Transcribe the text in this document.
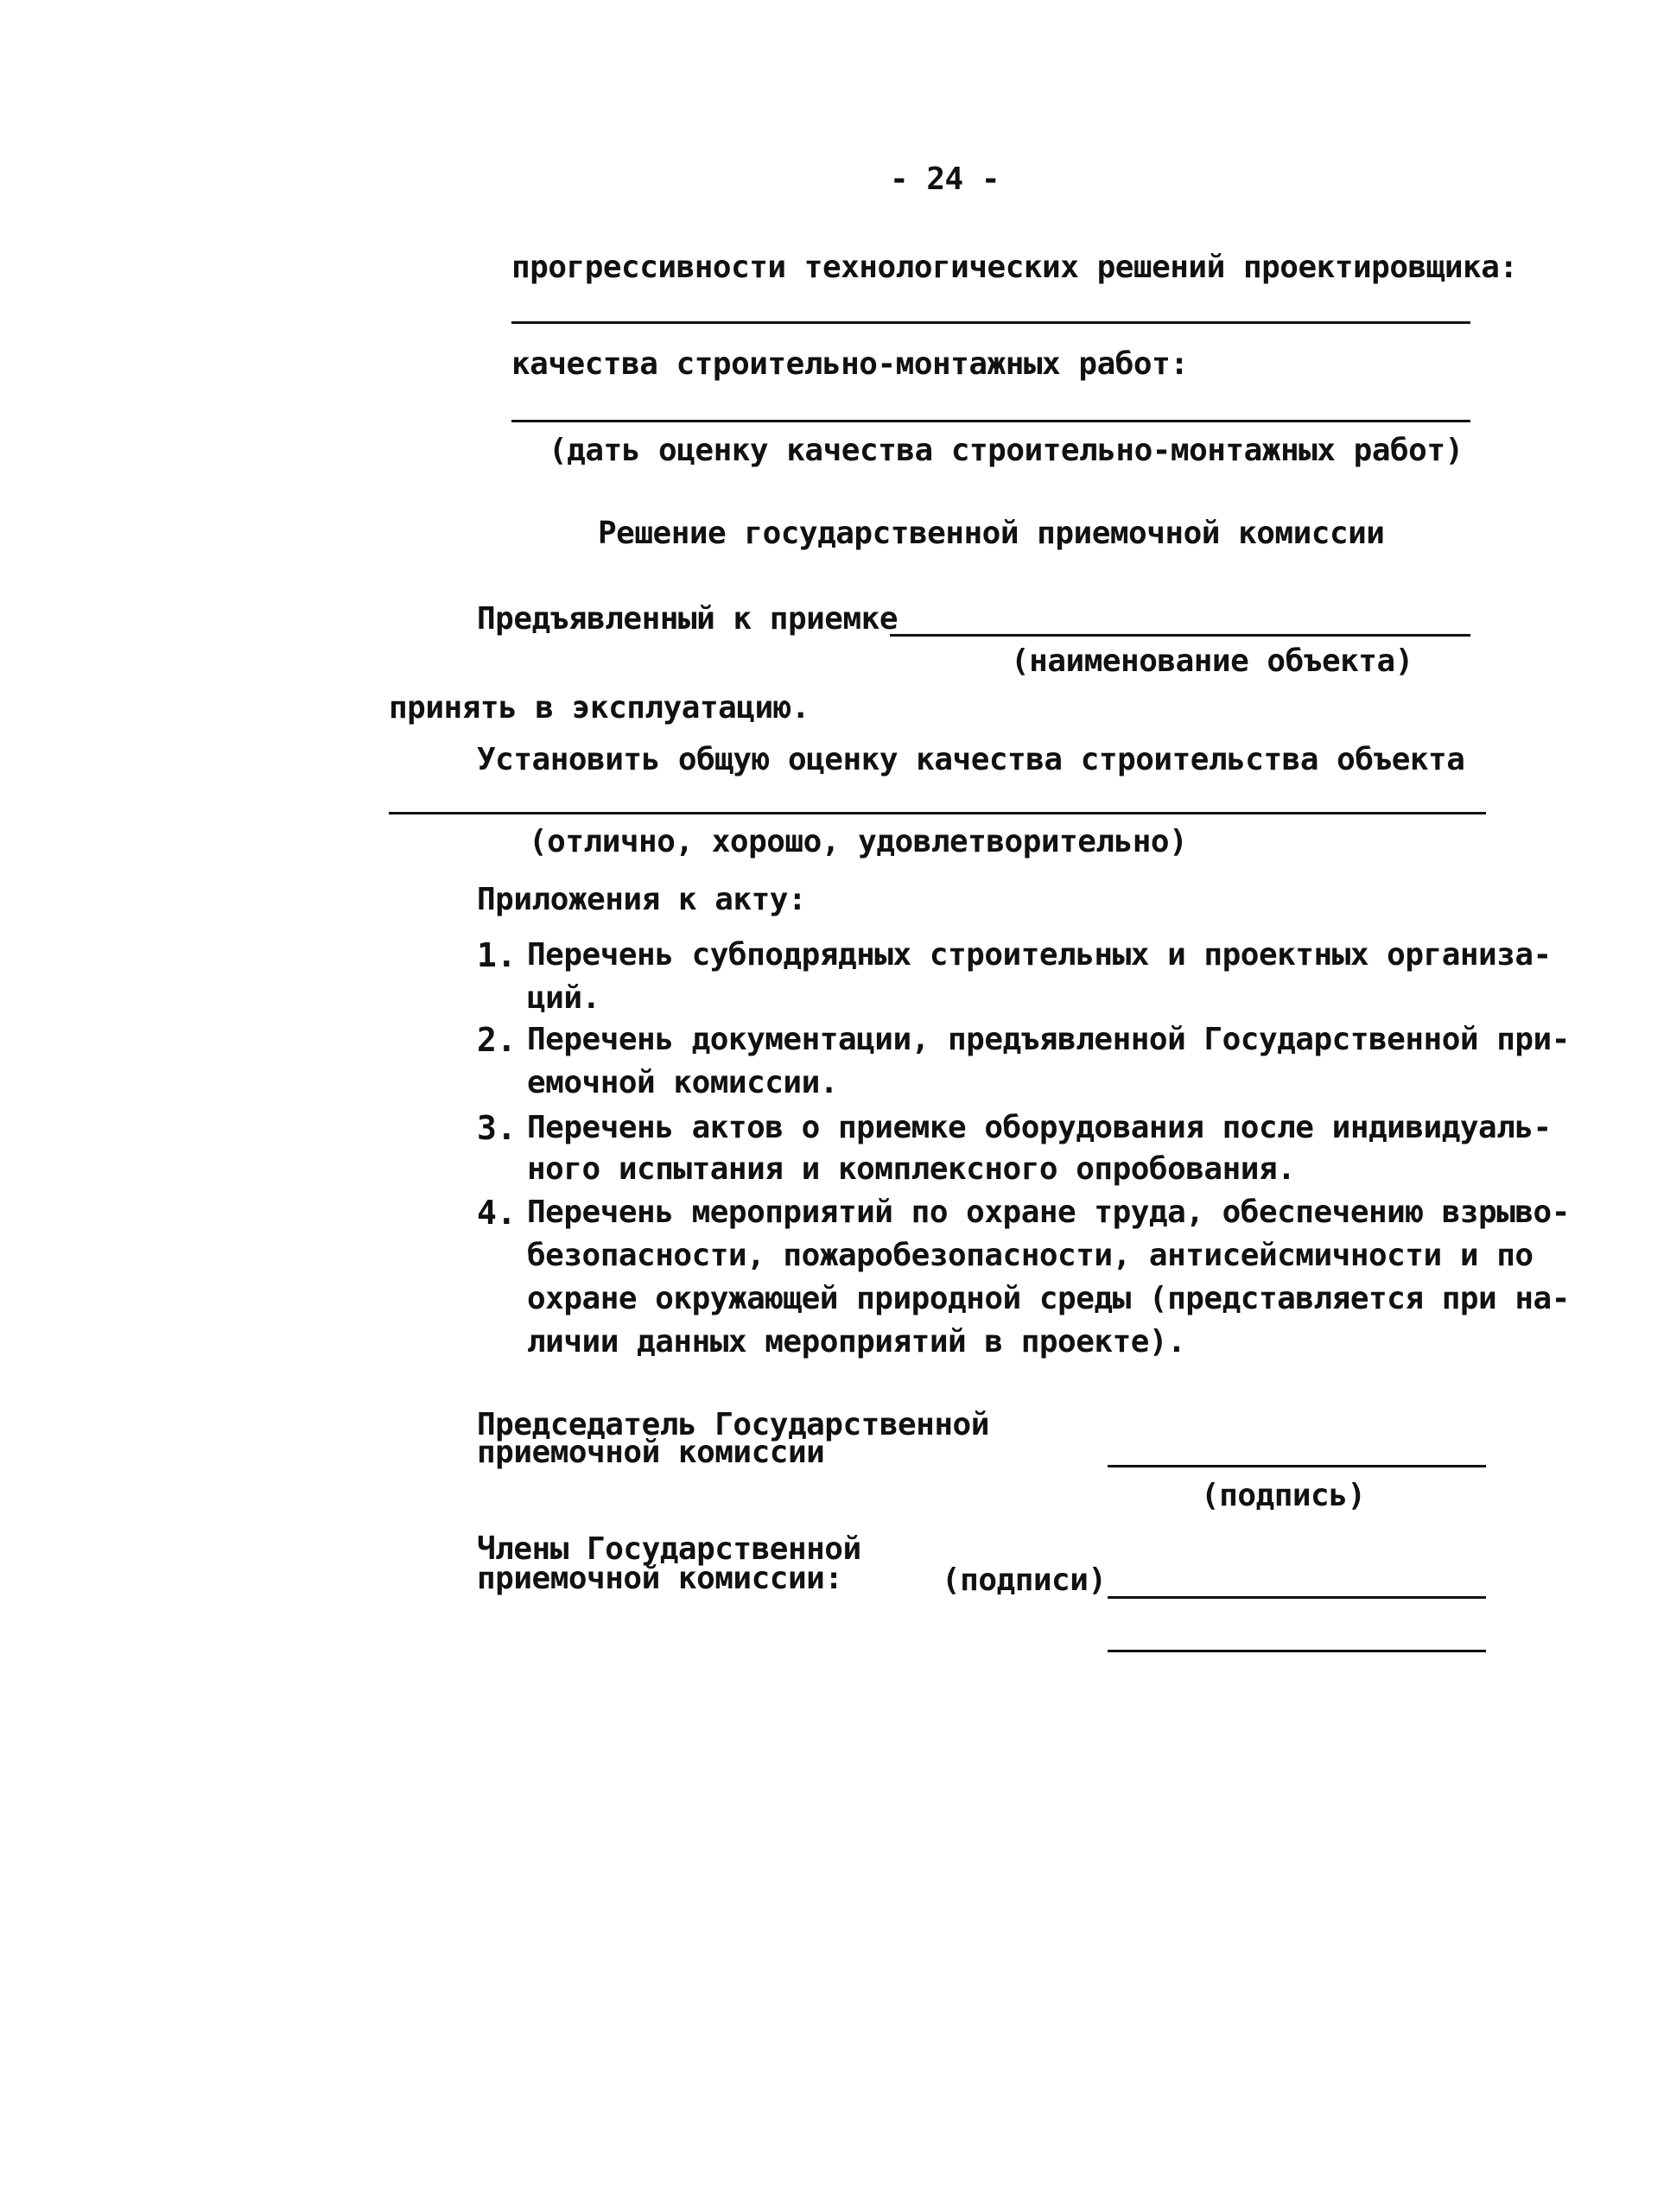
- 24 -
прогрессивности технологических решений проектировщика:
качества строительно-монтажных работ:
(дать оценку качества строительно-монтажных работ)
Решение государственной приемочной комиссии
Предъявленный к приемке
(наименование объекта)
принять в эксплуатацию.
Установить общую оценку качества строительства объекта
(отлично, хорошо, удовлетворительно)
Приложения к акту:
1. Перечень субподрядных строительных и проектных организа-
ций.
2. Перечень документации, предъявленной Государственной при-
емочной комиссии.
3. Перечень актов о приемке оборудования после индивидуаль-
ного испытания и комплексного опробования.
4. Перечень мероприятий по охране труда, обеспечению взрыво-
безопасности, пожаробезопасности, антисейсмичности и по
охране окружающей природной среды (представляется при на-
личии данных мероприятий в проекте).
Председатель Государственной
приемочной комиссии
(подпись)
Члены Государственной
приемочной комиссии:	(подписи)
